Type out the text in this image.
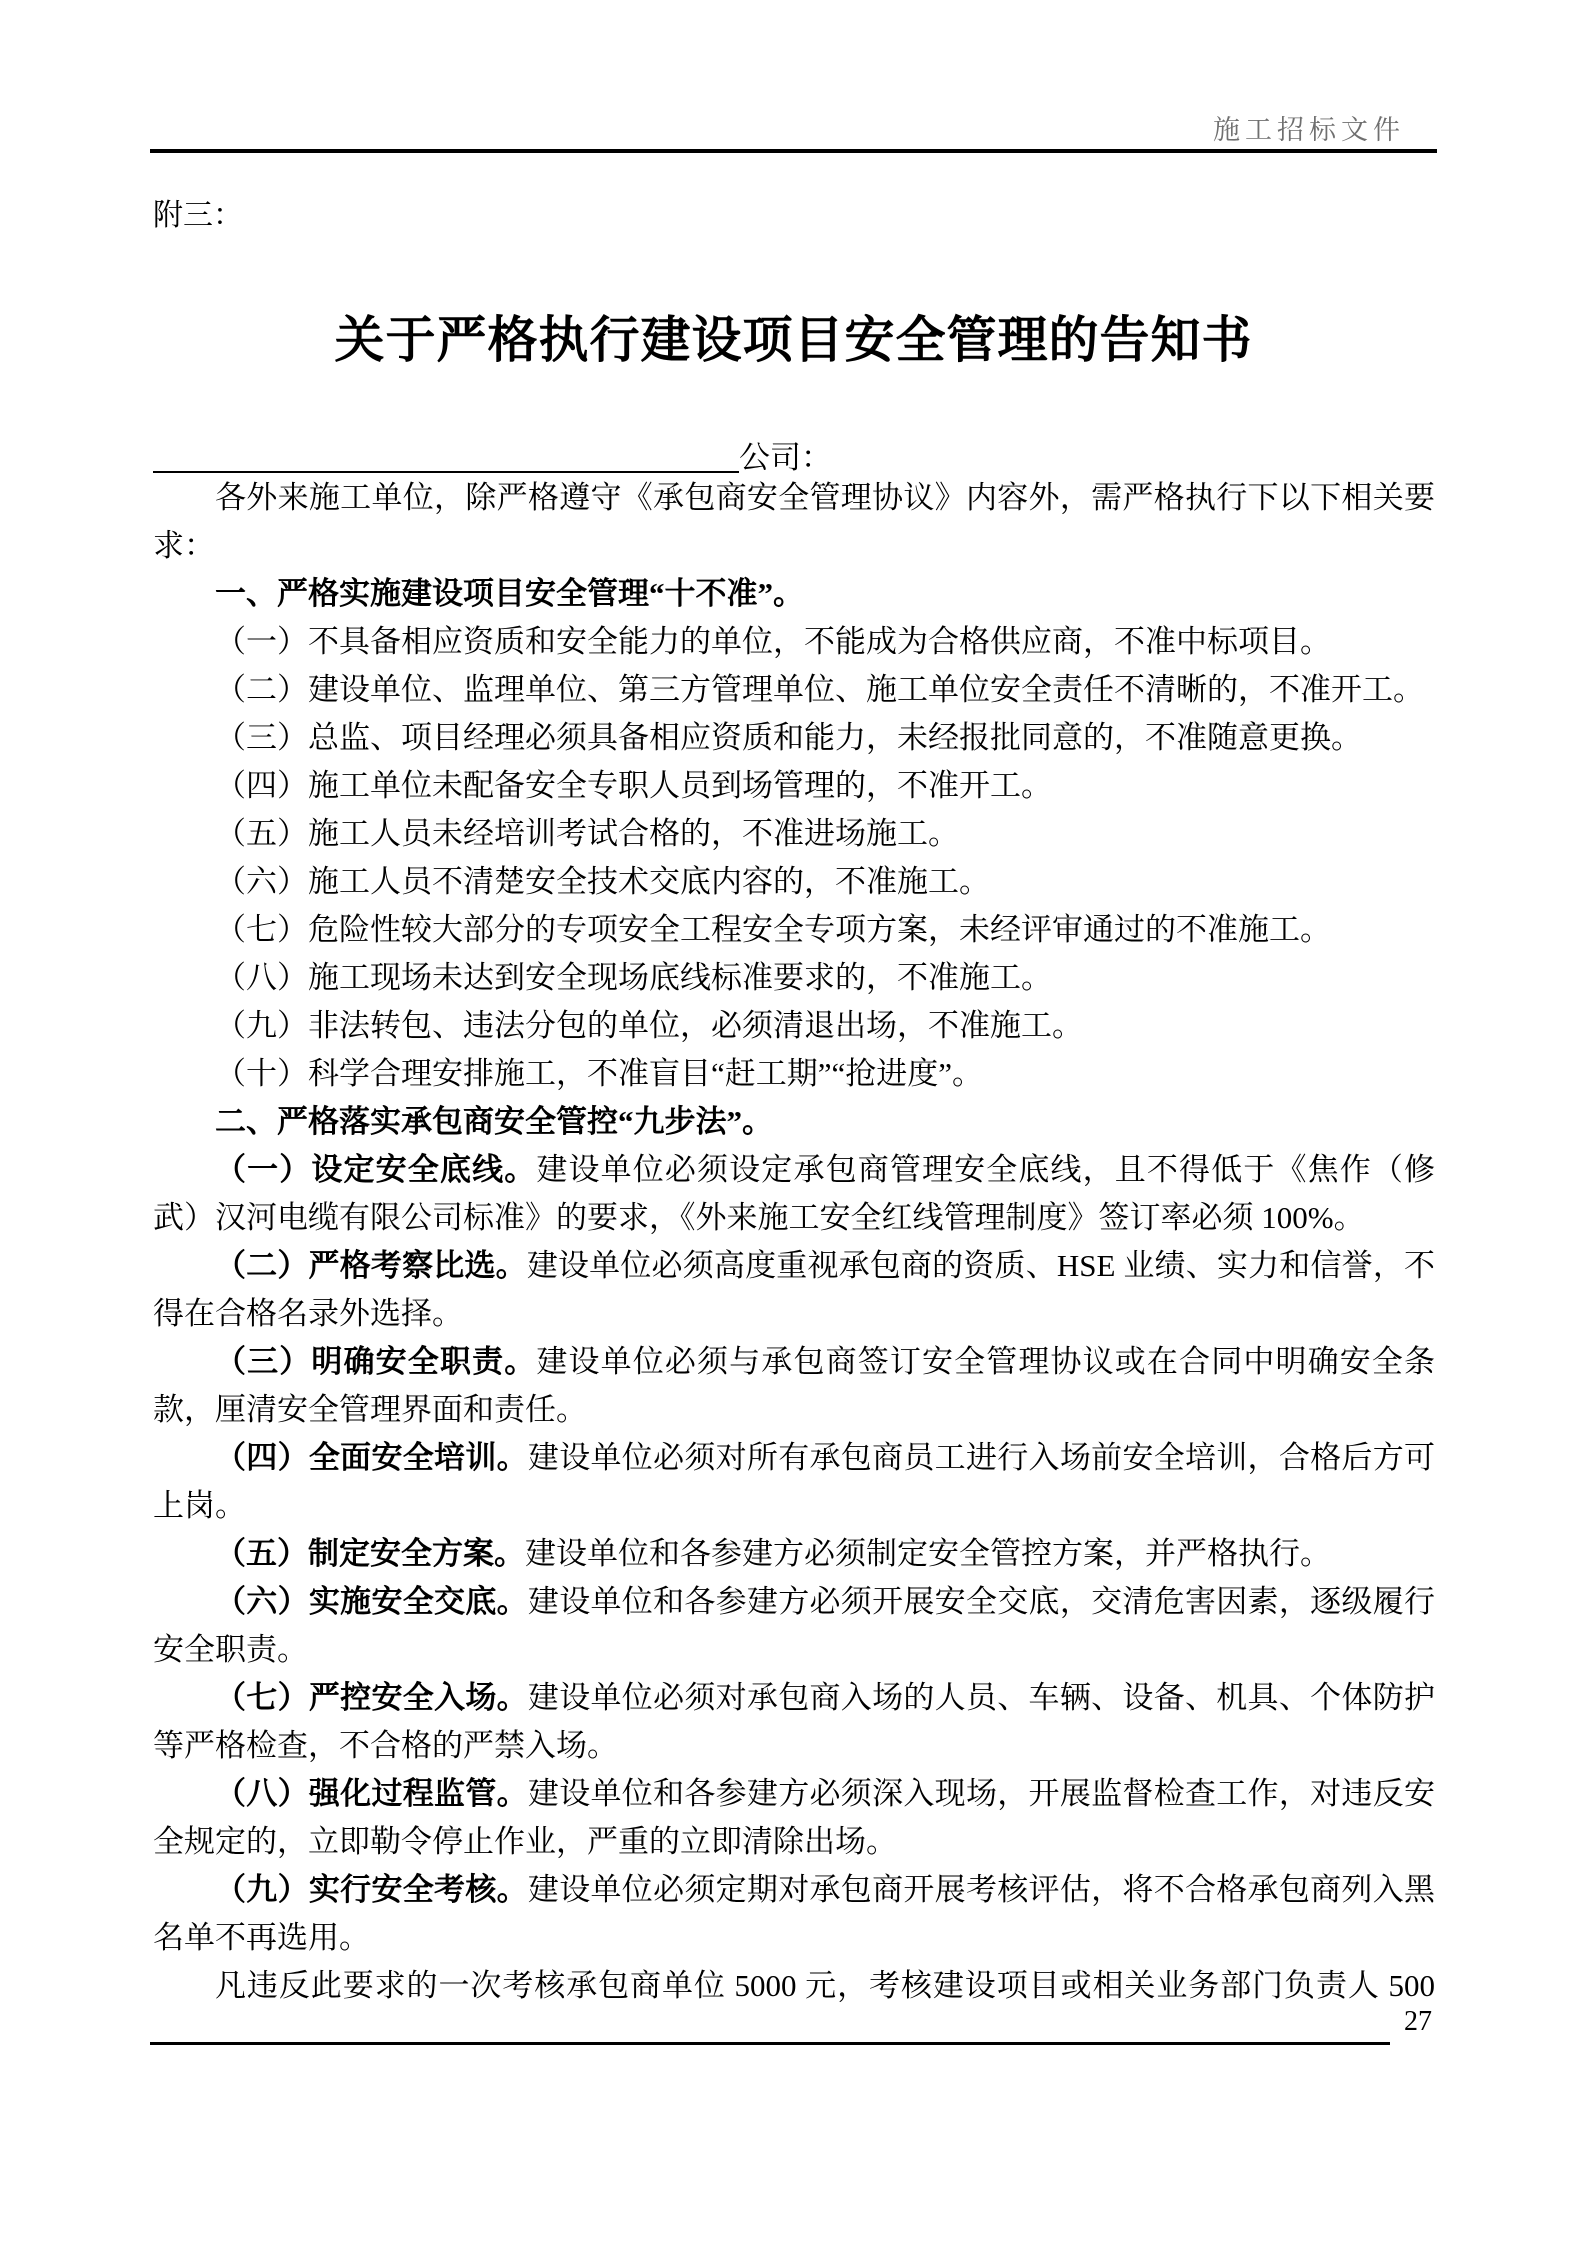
施工招标文件
附三：
关于严格执行建设项目安全管理的告知书
公司：

各外来施工单位，除严格遵守《承包商安全管理协议》内容外，需严格执行下以下相关要求：

一、严格实施建设项目安全管理“十不准”。

（一）不具备相应资质和安全能力的单位，不能成为合格供应商，不准中标项目。

（二）建设单位、监理单位、第三方管理单位、施工单位安全责任不清晰的，不准开工。

（三）总监、项目经理必须具备相应资质和能力，未经报批同意的，不准随意更换。

（四）施工单位未配备安全专职人员到场管理的，不准开工。

（五）施工人员未经培训考试合格的，不准进场施工。

（六）施工人员不清楚安全技术交底内容的，不准施工。

（七）危险性较大部分的专项安全工程安全专项方案，未经评审通过的不准施工。

（八）施工现场未达到安全现场底线标准要求的，不准施工。

（九）非法转包、违法分包的单位，必须清退出场，不准施工。

（十）科学合理安排施工，不准盲目“赶工期”“抢进度”。

二、严格落实承包商安全管控“九步法”。

（一）设定安全底线。建设单位必须设定承包商管理安全底线，且不得低于《焦作（修武）汉河电缆有限公司标准》的要求，《外来施工安全红线管理制度》签订率必须 100%。

（二）严格考察比选。建设单位必须高度重视承包商的资质、HSE 业绩、实力和信誉，不得在合格名录外选择。

（三）明确安全职责。建设单位必须与承包商签订安全管理协议或在合同中明确安全条款，厘清安全管理界面和责任。

（四）全面安全培训。建设单位必须对所有承包商员工进行入场前安全培训，合格后方可上岗。

（五）制定安全方案。建设单位和各参建方必须制定安全管控方案，并严格执行。

（六）实施安全交底。建设单位和各参建方必须开展安全交底，交清危害因素，逐级履行安全职责。

（七）严控安全入场。建设单位必须对承包商入场的人员、车辆、设备、机具、个体防护等严格检查，不合格的严禁入场。

（八）强化过程监管。建设单位和各参建方必须深入现场，开展监督检查工作，对违反安全规定的，立即勒令停止作业，严重的立即清除出场。

（九）实行安全考核。建设单位必须定期对承包商开展考核评估，将不合格承包商列入黑名单不再选用。

凡违反此要求的一次考核承包商单位 5000 元，考核建设项目或相关业务部门负责人 500

27
